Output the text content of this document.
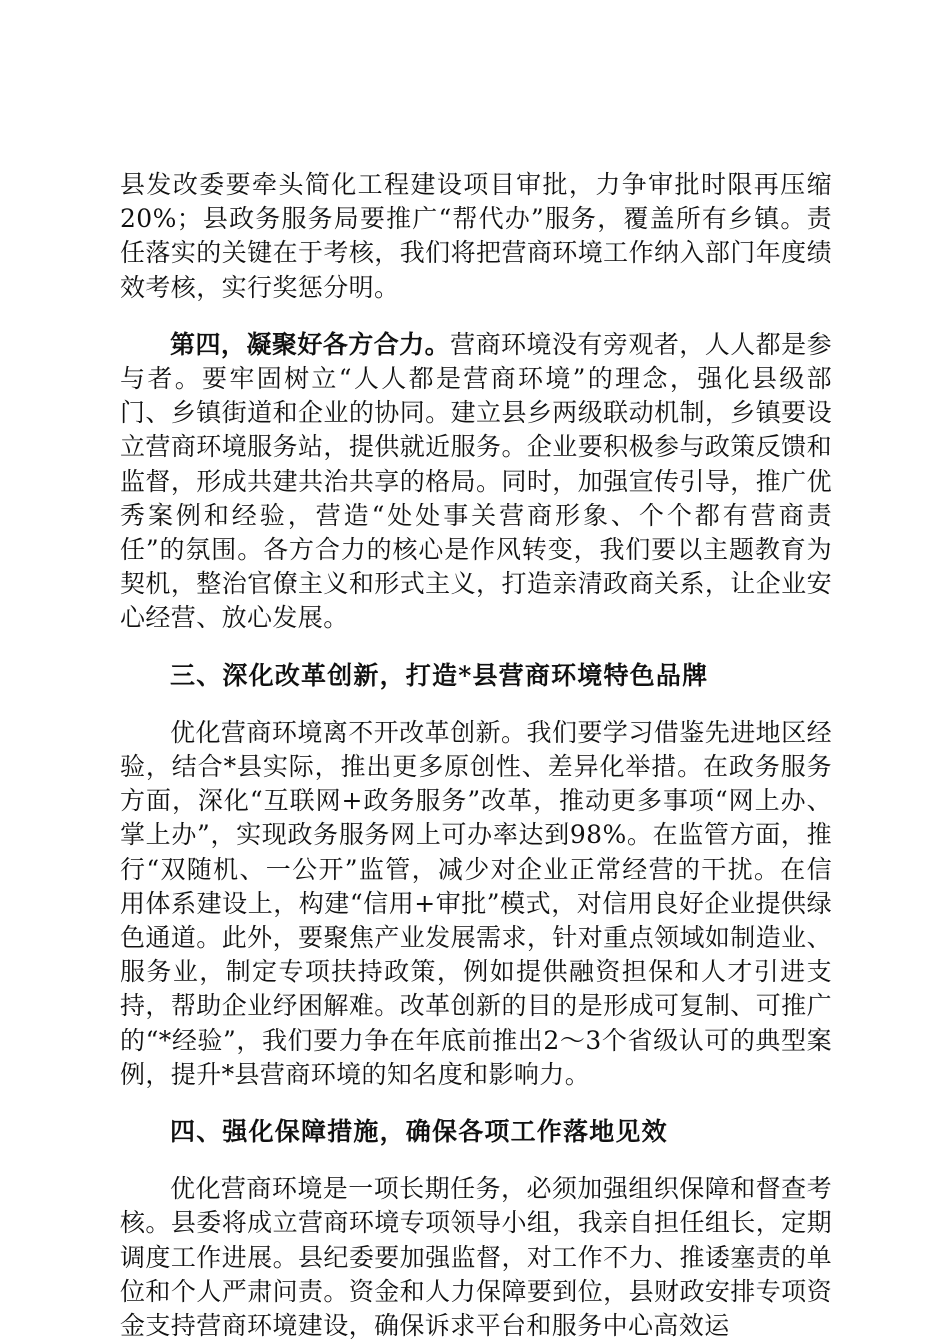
县发改委要牵头简化工程建设项目审批，力争审批时限再压缩20%；县政务服务局要推广“帮代办”服务，覆盖所有乡镇。责任落实的关键在于考核，我们将把营商环境工作纳入部门年度绩效考核，实行奖惩分明。

第四，凝聚好各方合力。营商环境没有旁观者，人人都是参与者。要牢固树立“人人都是营商环境”的理念，强化县级部门、乡镇街道和企业的协同。建立县乡两级联动机制，乡镇要设立营商环境服务站，提供就近服务。企业要积极参与政策反馈和监督，形成共建共治共享的格局。同时，加强宣传引导，推广优秀案例和经验，营造“处处事关营商形象、个个都有营商责任”的氛围。各方合力的核心是作风转变，我们要以主题教育为契机，整治官僚主义和形式主义，打造亲清政商关系，让企业安心经营、放心发展。

三、深化改革创新，打造*县营商环境特色品牌

优化营商环境离不开改革创新。我们要学习借鉴先进地区经验，结合*县实际，推出更多原创性、差异化举措。在政务服务方面，深化“互联网+政务服务”改革，推动更多事项“网上办、掌上办”，实现政务服务网上可办率达到98%。在监管方面，推行“双随机、一公开”监管，减少对企业正常经营的干扰。在信用体系建设上，构建“信用+审批”模式，对信用良好企业提供绿色通道。此外，要聚焦产业发展需求，针对重点领域如制造业、服务业，制定专项扶持政策，例如提供融资担保和人才引进支持，帮助企业纾困解难。改革创新的目的是形成可复制、可推广的“*经验”，我们要力争在年底前推出2～3个省级认可的典型案例，提升*县营商环境的知名度和影响力。

四、强化保障措施，确保各项工作落地见效

优化营商环境是一项长期任务，必须加强组织保障和督查考核。县委将成立营商环境专项领导小组，我亲自担任组长，定期调度工作进展。县纪委要加强监督，对工作不力、推诿塞责的单位和个人严肃问责。资金和人力保障要到位，县财政安排专项资金支持营商环境建设，确保诉求平台和服务中心高效运
